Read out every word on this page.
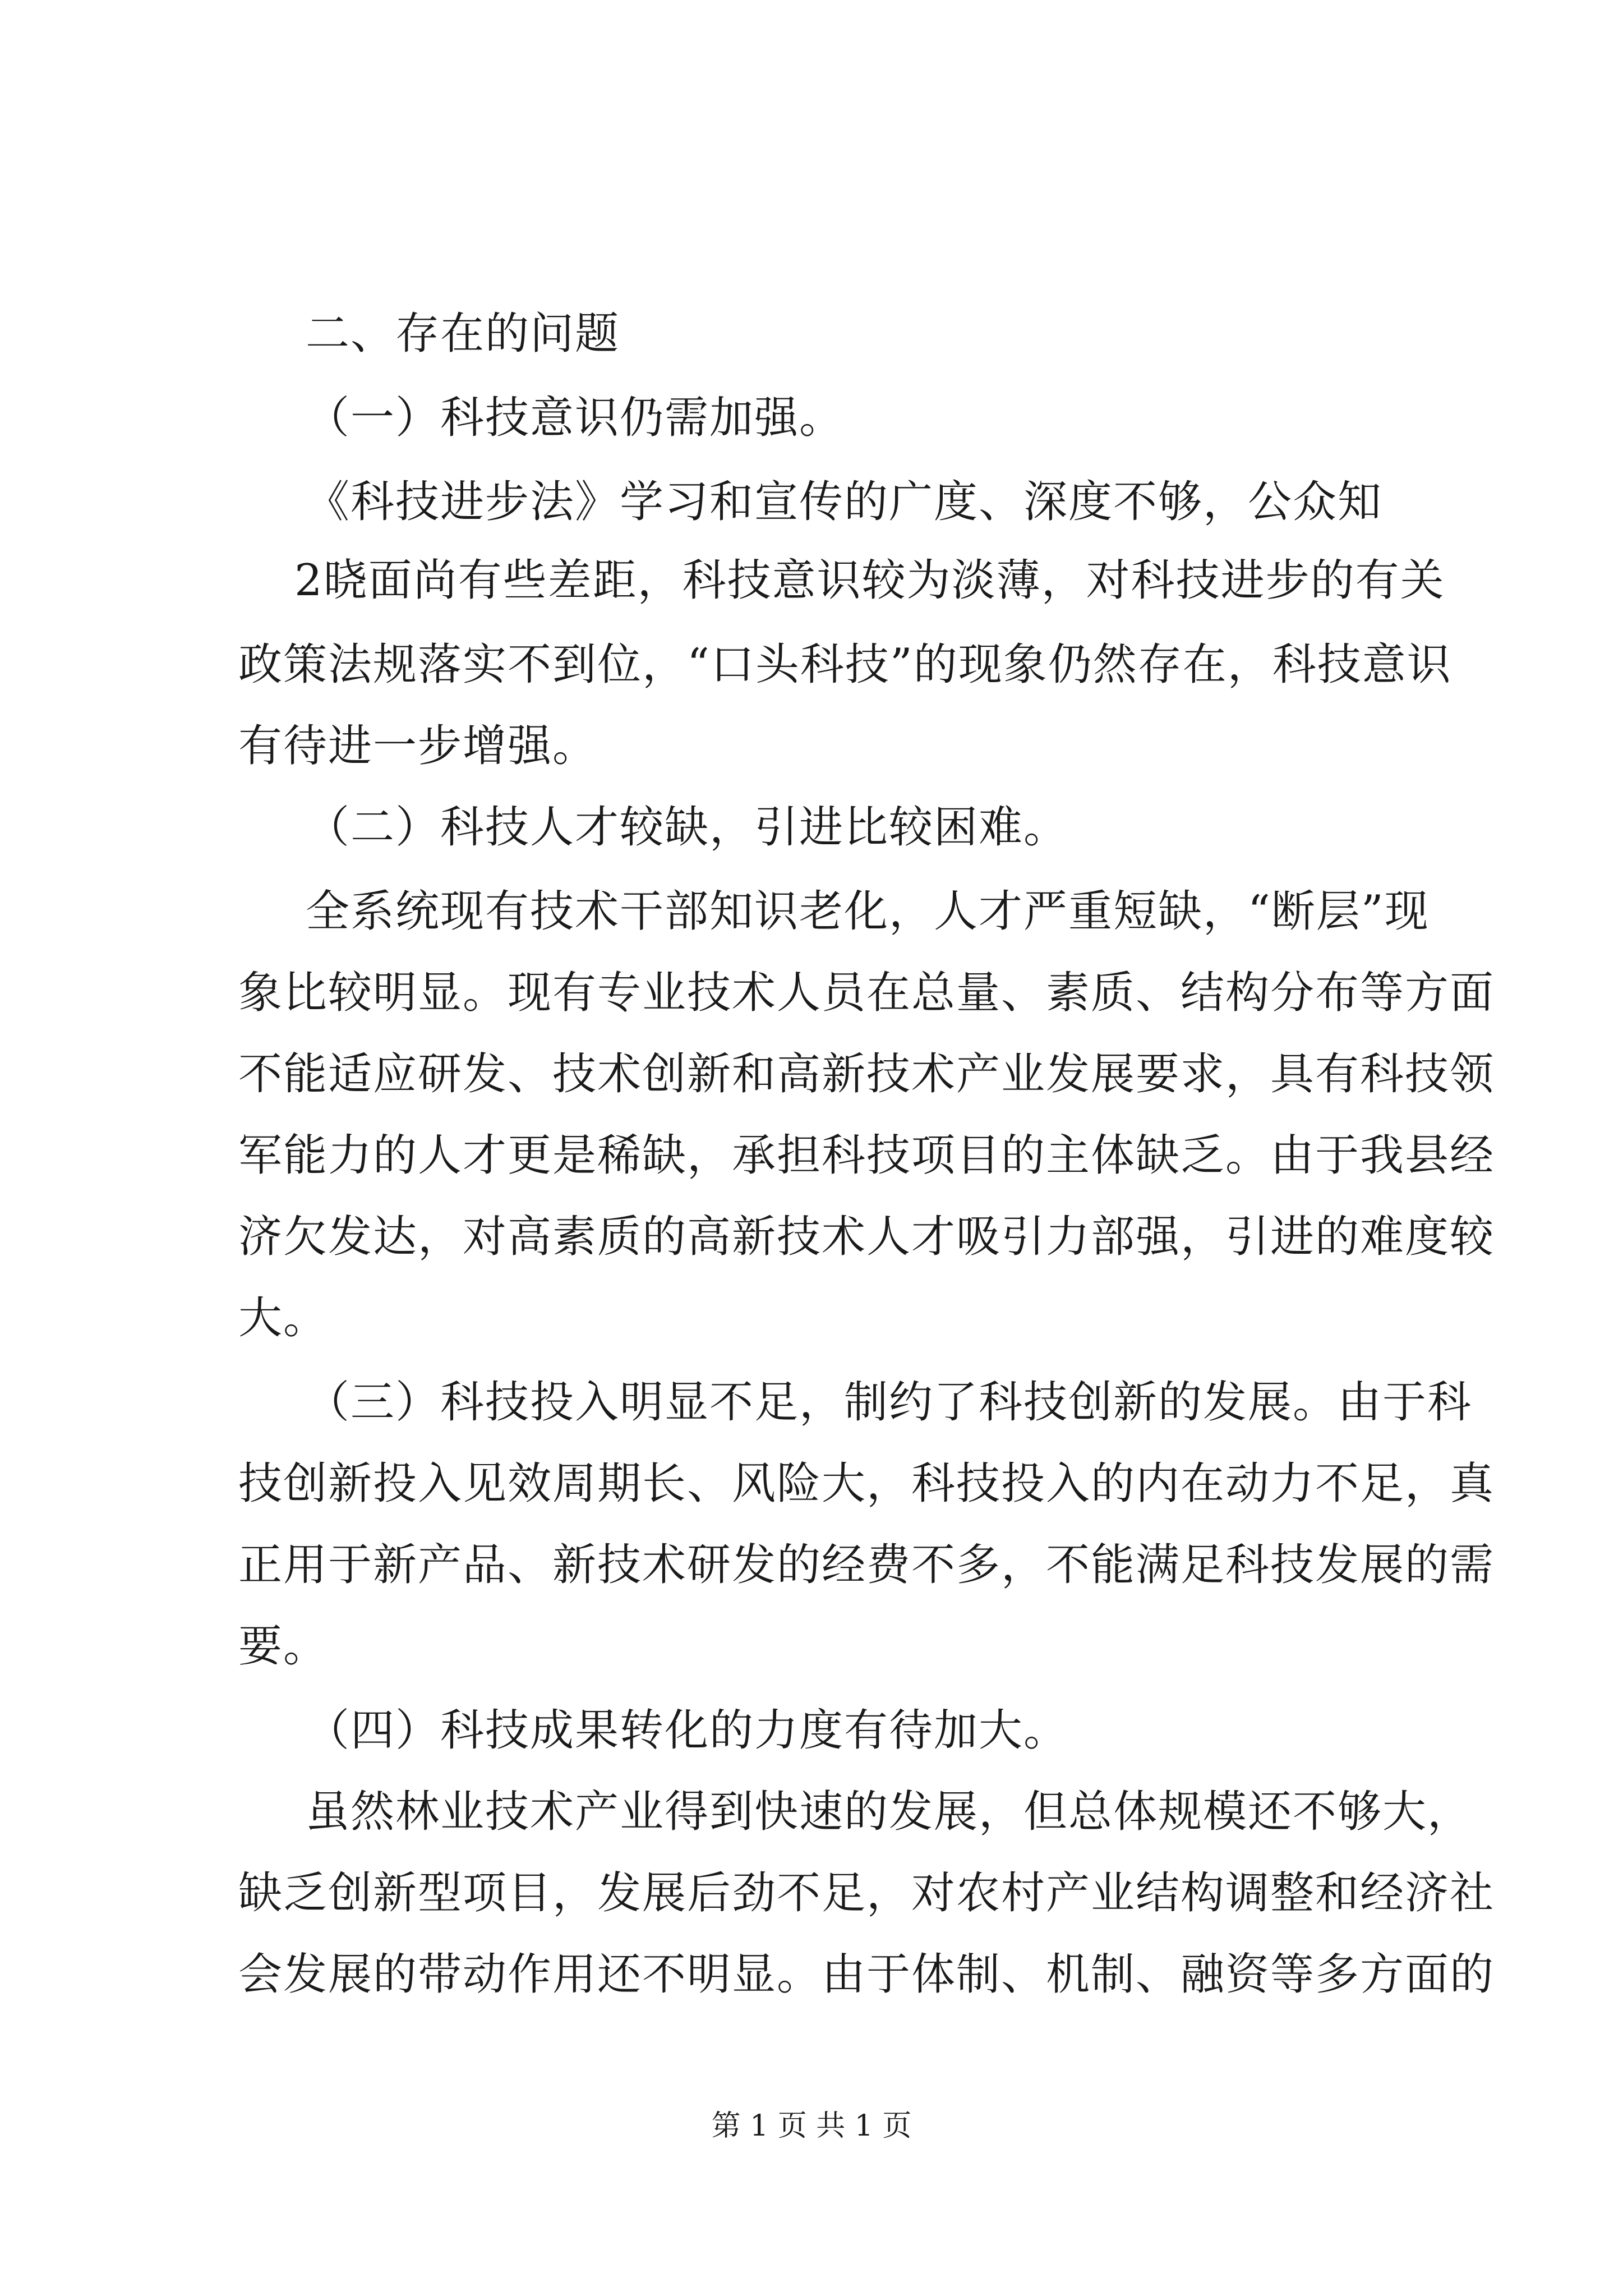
二、存在的问题
（一）科技意识仍需加强。
《科技进步法》学习和宣传的广度、深度不够，公众知
2晓面尚有些差距，科技意识较为淡薄，对科技进步的有关
政策法规落实不到位，“口头科技”的现象仍然存在，科技意识
有待进一步增强。
（二）科技人才较缺，引进比较困难。
全系统现有技术干部知识老化，人才严重短缺，“断层”现
象比较明显。现有专业技术人员在总量、素质、结构分布等方面
不能适应研发、技术创新和高新技术产业发展要求，具有科技领
军能力的人才更是稀缺，承担科技项目的主体缺乏。由于我县经
济欠发达，对高素质的高新技术人才吸引力部强，引进的难度较
大。
（三）科技投入明显不足，制约了科技创新的发展。由于科
技创新投入见效周期长、风险大，科技投入的内在动力不足，真
正用于新产品、新技术研发的经费不多，不能满足科技发展的需
要。
（四）科技成果转化的力度有待加大。
虽然林业技术产业得到快速的发展，但总体规模还不够大，
缺乏创新型项目，发展后劲不足，对农村产业结构调整和经济社
会发展的带动作用还不明显。由于体制、机制、融资等多方面的
第 1 页 共 1 页
